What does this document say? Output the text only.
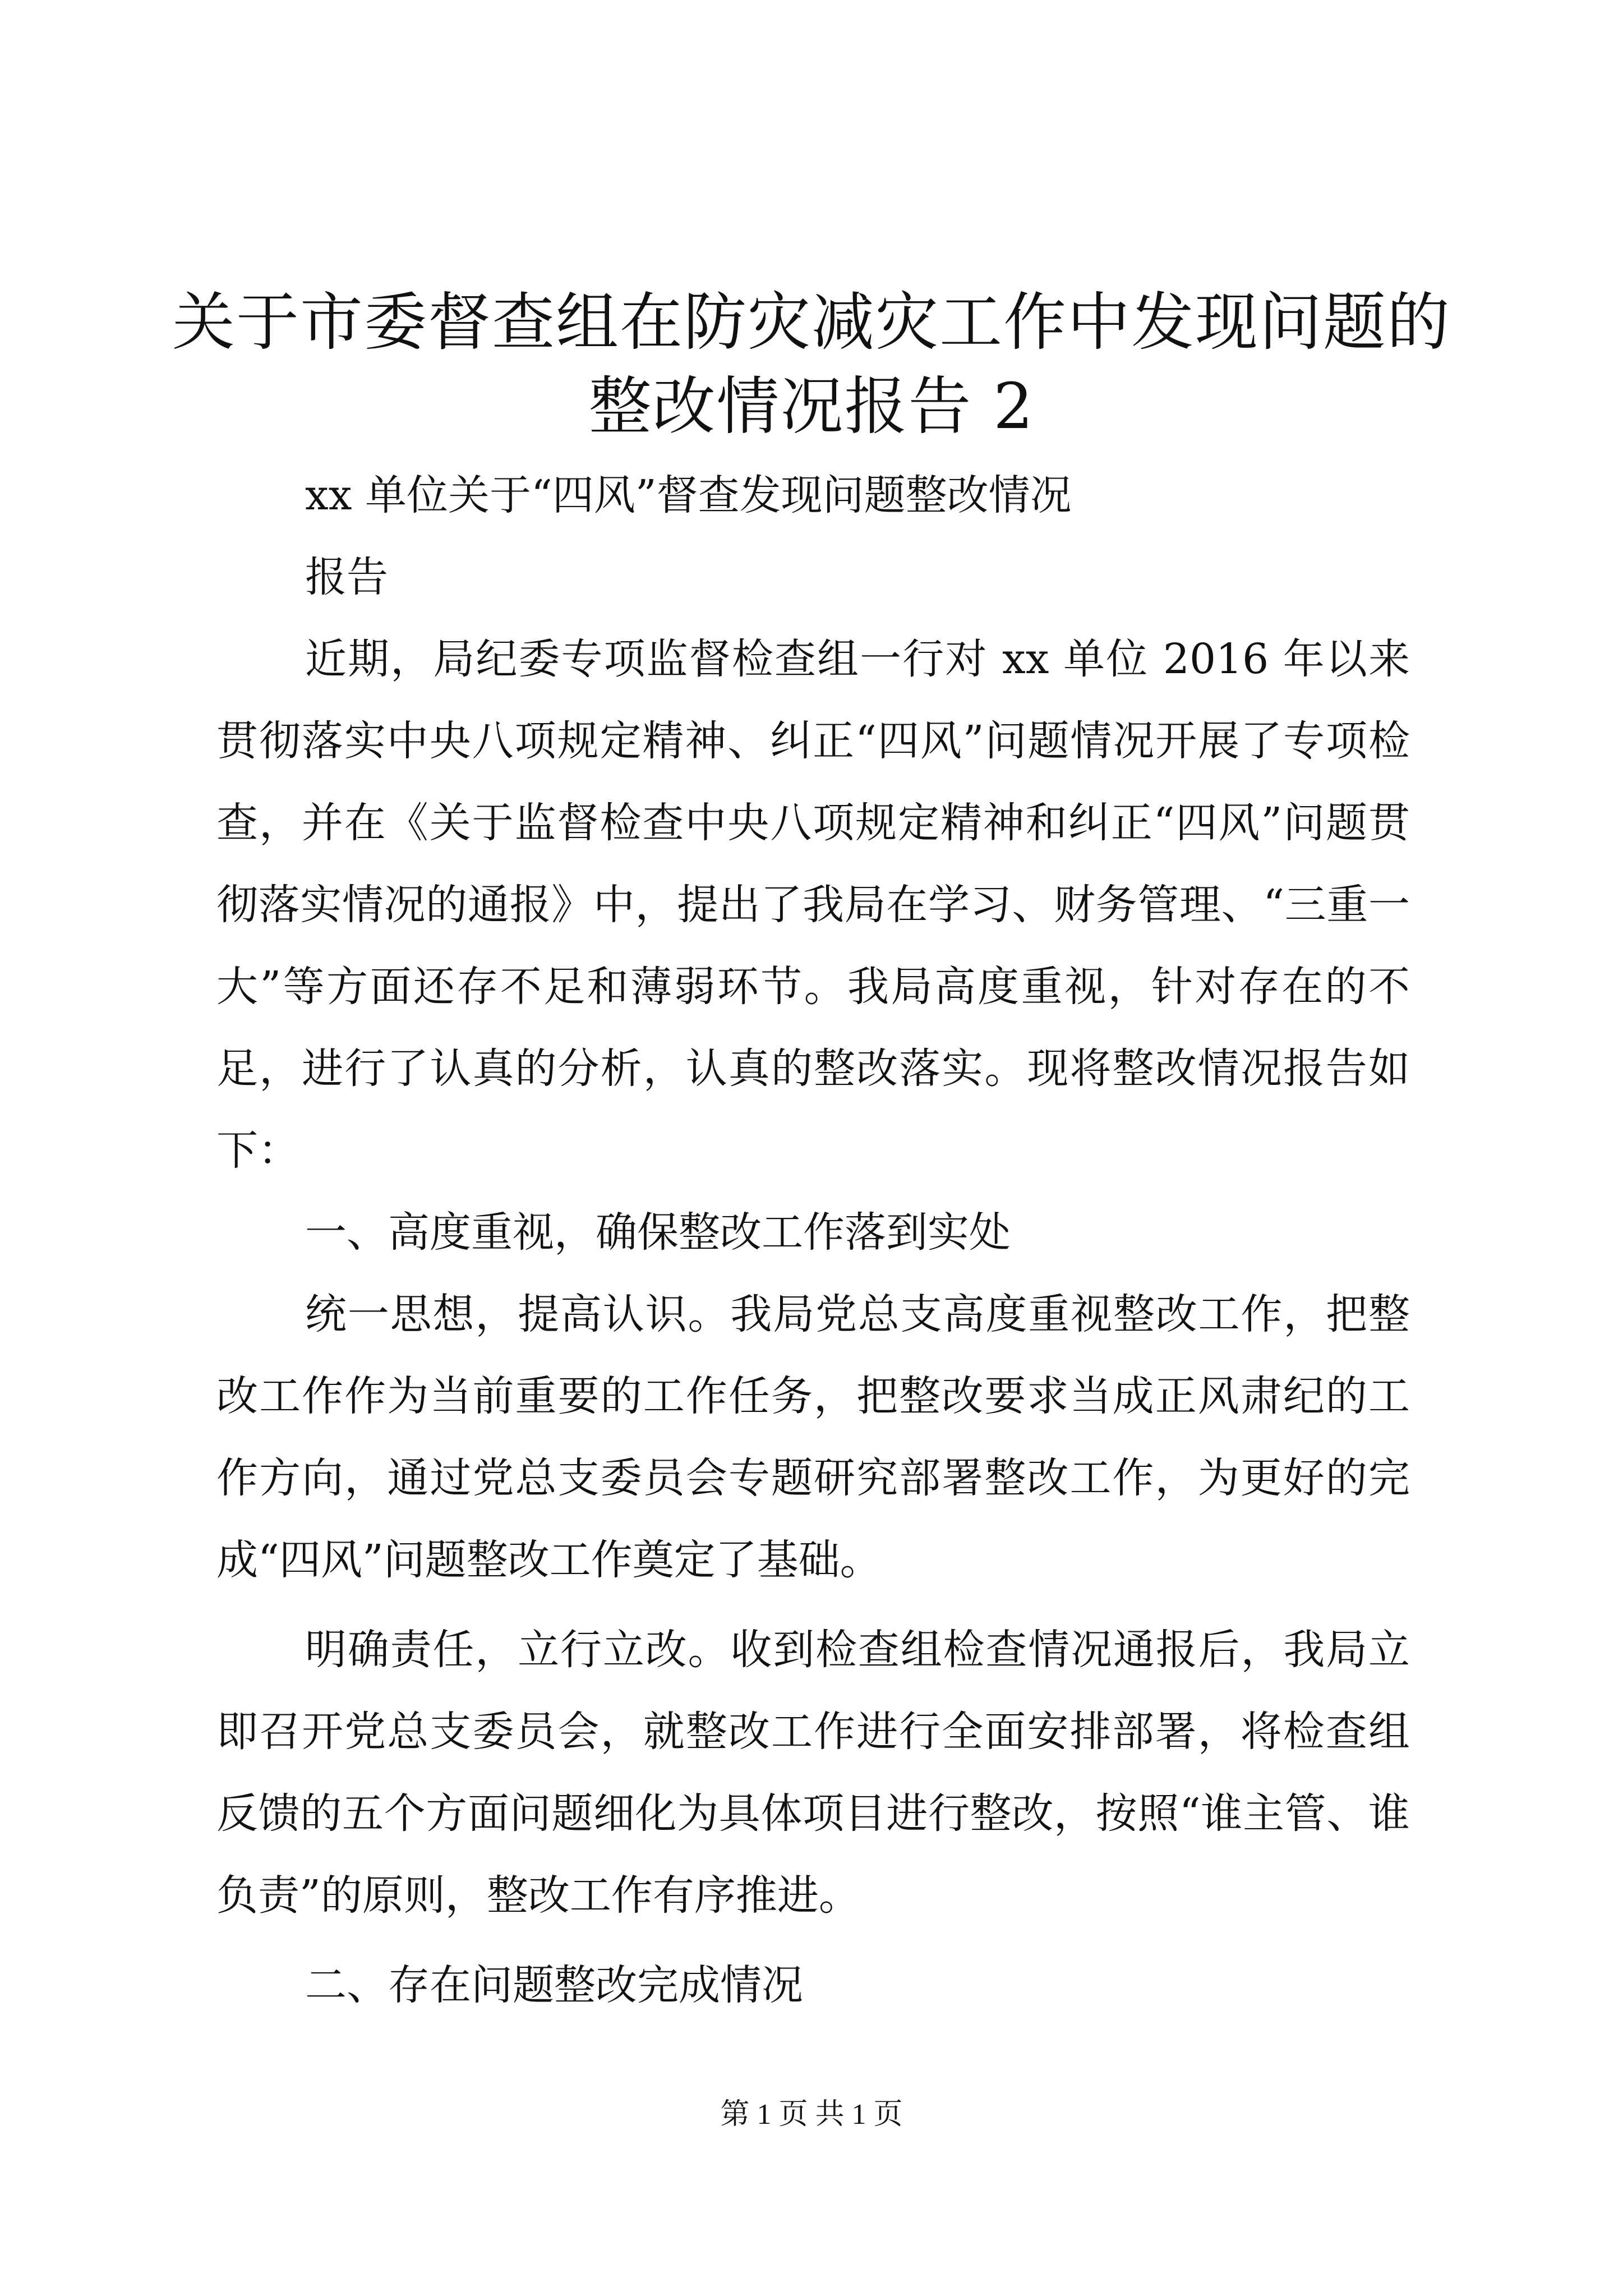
关于市委督查组在防灾减灾工作中发现问题的
整改情况报告 2

xx 单位关于“四风”督查发现问题整改情况

报告

近期，局纪委专项监督检查组一行对 xx 单位 2016 年以来贯彻落实中央八项规定精神、纠正“四风”问题情况开展了专项检查，并在《关于监督检查中央八项规定精神和纠正“四风”问题贯彻落实情况的通报》中，提出了我局在学习、财务管理、“三重一大”等方面还存不足和薄弱环节。我局高度重视，针对存在的不足，进行了认真的分析，认真的整改落实。现将整改情况报告如下：

一、高度重视，确保整改工作落到实处

统一思想，提高认识。我局党总支高度重视整改工作，把整改工作作为当前重要的工作任务，把整改要求当成正风肃纪的工作方向，通过党总支委员会专题研究部署整改工作，为更好的完成“四风”问题整改工作奠定了基础。

明确责任，立行立改。收到检查组检查情况通报后，我局立即召开党总支委员会，就整改工作进行全面安排部署，将检查组反馈的五个方面问题细化为具体项目进行整改，按照“谁主管、谁负责”的原则，整改工作有序推进。

二、存在问题整改完成情况

第 1 页 共 1 页
